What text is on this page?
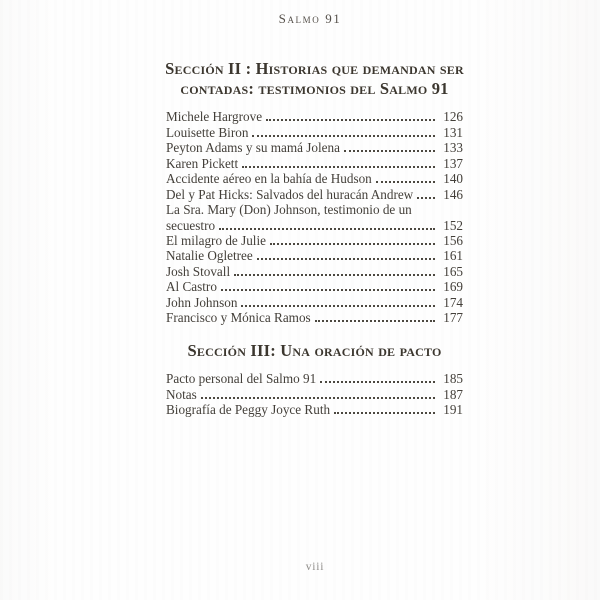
Salmo 91
Sección II : Historias que demandan ser
contadas: testimonios del Salmo 91
Michele Hargrove	126
Louisette Biron	131
Peyton Adams y su mamá Jolena	133
Karen Pickett	137
Accidente aéreo en la bahía de Hudson	140
Del y Pat Hicks: Salvados del huracán Andrew	146
La Sra. Mary (Don) Johnson, testimonio de un
secuestro	152
El milagro de Julie	156
Natalie Ogletree	161
Josh Stovall	165
Al Castro	169
John Johnson	174
Francisco y Mónica Ramos	177
Sección III: Una oración de pacto
Pacto personal del Salmo 91	185
Notas	187
Biografía de Peggy Joyce Ruth	191
viii
